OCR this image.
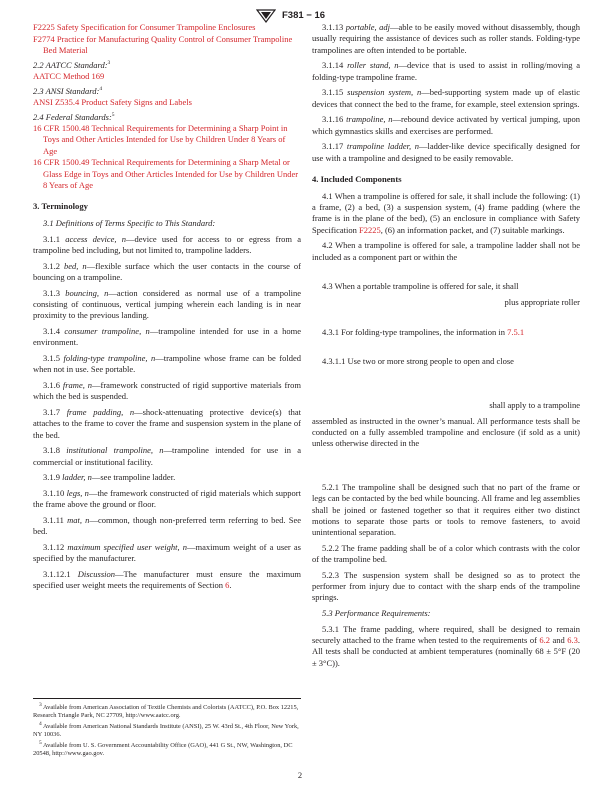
F381 − 16
F2225 Safety Specification for Consumer Trampoline Enclosures
F2774 Practice for Manufacturing Quality Control of Consumer Trampoline Bed Material
2.2 AATCC Standard:$^3$
AATCC Method 169
2.3 ANSI Standard:$^4$
ANSI Z535.4 Product Safety Signs and Labels
2.4 Federal Standards:$^5$
16 CFR 1500.48 Technical Requirements for Determining a Sharp Point in Toys and Other Articles Intended for Use by Children Under 8 Years of Age
16 CFR 1500.49 Technical Requirements for Determining a Sharp Metal or Glass Edge in Toys and Other Articles Intended for Use by Children Under 8 Years of Age
3. Terminology

3.1 Definitions of Terms Specific to This Standard:

3.1.1 access device, n—device used for access to or egress from a trampoline bed including, but not limited to, trampoline ladders.

3.1.2 bed, n—flexible surface which the user contacts in the course of bouncing on a trampoline.

3.1.3 bouncing, n—action considered as normal use of a trampoline consisting of continuous, vertical jumping wherein each landing is in near proximity to the previous landing.

3.1.4 consumer trampoline, n—trampoline intended for use in a home environment.

3.1.5 folding-type trampoline, n—trampoline whose frame can be folded when not in use. See portable.

3.1.6 frame, n—framework constructed of rigid supportive materials from which the bed is suspended.

3.1.7 frame padding, n—shock-attenuating protective device(s) that attaches to the frame to cover the frame and suspension system in the plane of the bed.

3.1.8 institutional trampoline, n—trampoline intended for use in a commercial or institutional facility.

3.1.9 ladder, n—see trampoline ladder.

3.1.10 legs, n—the framework constructed of rigid materials which support the frame above the ground or floor.

3.1.11 mat, n—common, though non-preferred term referring to bed. See bed.

3.1.12 maximum specified user weight, n—maximum weight of a user as specified by the manufacturer.

3.1.12.1 Discussion—The manufacturer must ensure the maximum specified user weight meets the requirements of Section 6.

$^3$ Available from American Association of Textile Chemists and Colorists (AATCC), P.O. Box 12215, Research Triangle Park, NC 27709, http://www.aatcc.org.

$^4$ Available from American National Standards Institute (ANSI), 25 W. 43rd St., 4th Floor, New York, NY 10036.

$^5$ Available from U. S. Government Accountability Office (GAO), 441 G St., NW, Washington, DC 20548, http://www.gao.gov.

3.1.13 portable, adj—able to be easily moved without disassembly, though usually requiring the assistance of devices such as roller stands. Folding-type trampolines are often intended to be portable.

3.1.14 roller stand, n—device that is used to assist in rolling/moving a folding-type trampoline frame.

3.1.15 suspension system, n—bed-supporting system made up of elastic devices that connect the bed to the frame, for example, steel extension springs.

3.1.16 trampoline, n—rebound device activated by vertical jumping, upon which gymnastics skills and exercises are performed.

3.1.17 trampoline ladder, n—ladder-like device specifically designed for use with a trampoline and designed to be easily removable.

4. Included Components

4.1 When a trampoline is offered for sale, it shall include the following: (1) a frame, (2) a bed, (3) a suspension system, (4) frame padding (where the frame is in the plane of the bed), (5) an enclosure in compliance with Safety Specification F2225, (6) an information packet, and (7) suitable markings.

4.2 When a trampoline is offered for sale, a trampoline ladder shall not be included as a component part or within the

4.3 When a portable trampoline is offered for sale, it shall

plus appropriate roller

4.3.1 For folding-type trampolines, the information in 7.5.1

4.3.1.1 Use two or more strong people to open and close

shall apply to a trampoline

assembled as instructed in the owner’s manual. All performance tests shall be conducted on a fully assembled trampoline and enclosure (if sold as a unit) unless otherwise directed in the

5.2.1 The trampoline shall be designed such that no part of the frame or legs can be contacted by the bed while bouncing. All frame and leg assemblies shall be joined or fastened together so that it requires either two distinct motions to separate those parts or tools to remove fasteners, to avoid unintentional separation.

5.2.2 The frame padding shall be of a color which contrasts with the color of the trampoline bed.

5.2.3 The suspension system shall be designed so as to protect the performer from injury due to contact with the sharp ends of the trampoline springs.

5.3 Performance Requirements:

5.3.1 The frame padding, where required, shall be designed to remain securely attached to the frame when tested to the requirements of 6.2 and 6.3. All tests shall be conducted at ambient temperatures (nominally 68 ± 5°F (20 ± 3°C)).

2
